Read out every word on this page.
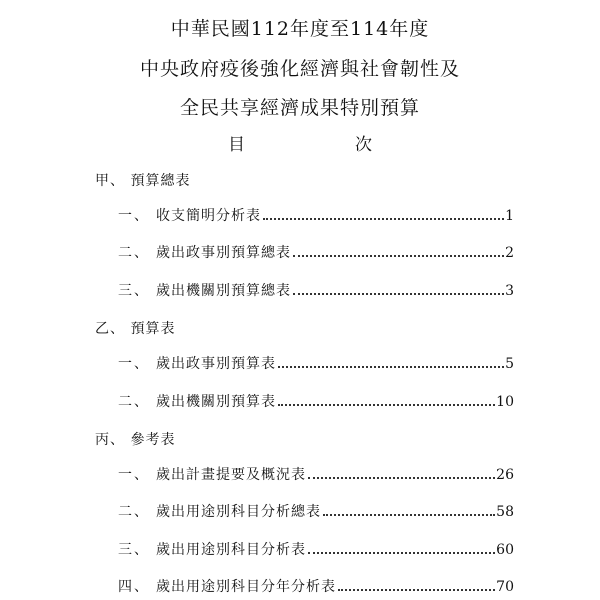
中華民國112年度至114年度
中央政府疫後強化經濟與社會韌性及
全民共享經濟成果特別預算
目	次
甲、 預算總表
一、 收支簡明分析表	1
二、 歲出政事別預算總表	2
三、 歲出機關別預算總表	3
乙、 預算表
一、 歲出政事別預算表	5
二、 歲出機關別預算表	10
丙、 參考表
一、 歲出計畫提要及概況表	26
二、 歲出用途別科目分析總表	58
三、 歲出用途別科目分析表	60
四、 歲出用途別科目分年分析表	70
